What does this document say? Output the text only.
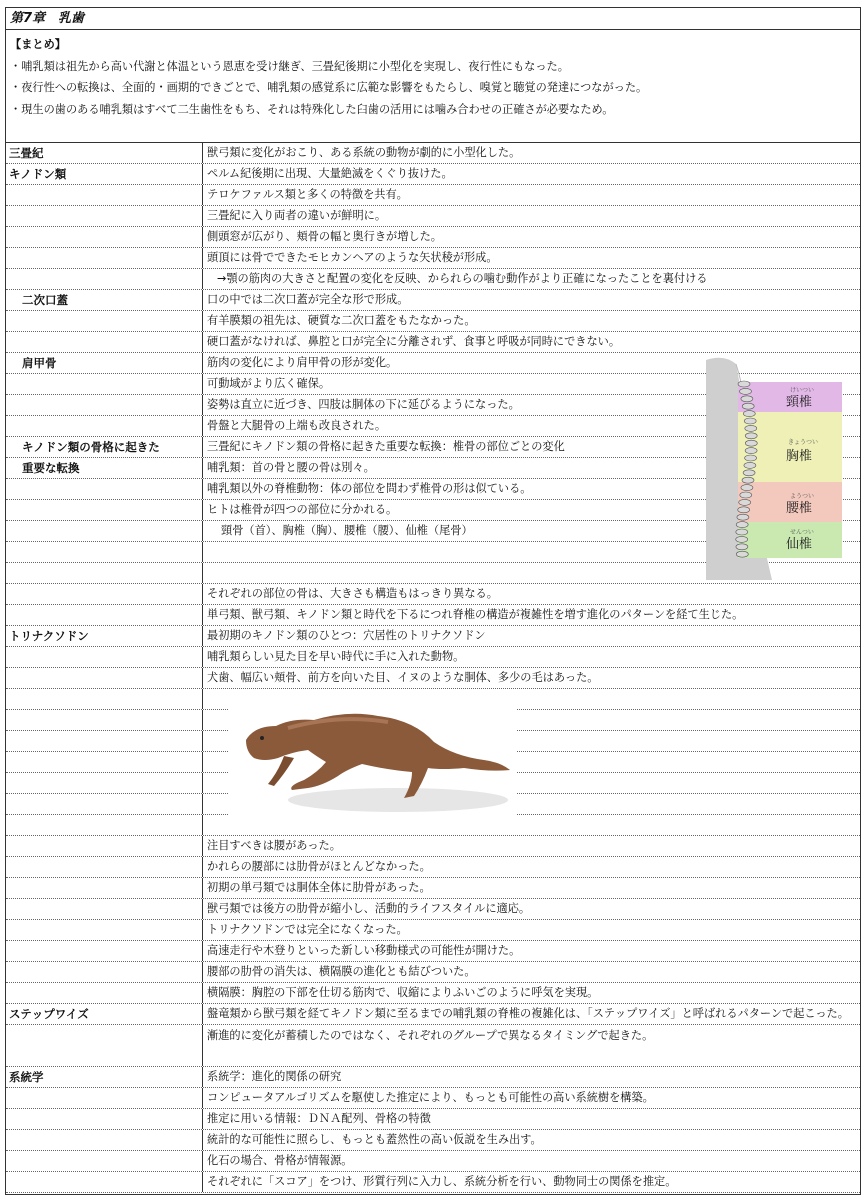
第7章　乳歯
【まとめ】
・哺乳類は祖先から高い代謝と体温という恩恵を受け継ぎ、三畳紀後期に小型化を実現し、夜行性にもなった。
・夜行性への転換は、全面的・画期的できごとで、哺乳類の感覚系に広範な影響をもたらし、嗅覚と聴覚の発達につながった。
・現生の歯のある哺乳類はすべて二生歯性をもち、それは特殊化した臼歯の活用には噛み合わせの正確さが必要なため。
三畳紀	獣弓類に変化がおこり、ある系統の動物が劇的に小型化した。
キノドン類	ペルム紀後期に出現、大量絶滅をくぐり抜けた。
テロケファルス類と多くの特徴を共有。
三畳紀に入り両者の違いが鮮明に。
側頭窓が広がり、頬骨の幅と奥行きが増した。
頭頂には骨でできたモヒカンヘアのような矢状稜が形成。
→顎の筋肉の大きさと配置の変化を反映、かられらの噛む動作がより正確になったことを裏付ける
二次口蓋	口の中では二次口蓋が完全な形で形成。
有羊膜類の祖先は、硬質な二次口蓋をもたなかった。
硬口蓋がなければ、鼻腔と口が完全に分離されず、食事と呼吸が同時にできない。
肩甲骨	筋肉の変化により肩甲骨の形が変化。
可動域がより広く確保。
姿勢は直立に近づき、四肢は胴体の下に延びるようになった。
骨盤と大腿骨の上端も改良された。
キノドン類の骨格に起きた	三畳紀にキノドン類の骨格に起きた重要な転換：椎骨の部位ごとの変化
重要な転換	哺乳類：首の骨と腰の骨は別々。
哺乳類以外の脊椎動物：体の部位を問わず椎骨の形は似ている。
ヒトは椎骨が四つの部位に分かれる。
頸骨（首）、胸椎（胸）、腰椎（腰）、仙椎（尾骨）
それぞれの部位の骨は、大きさも構造もはっきり異なる。
単弓類、獣弓類、キノドン類と時代を下るにつれ脊椎の構造が複雑性を増す進化のパターンを経て生じた。
トリナクソドン	最初期のキノドン類のひとつ：穴居性のトリナクソドン
哺乳類らしい見た目を早い時代に手に入れた動物。
犬歯、幅広い頬骨、前方を向いた目、イヌのような胴体、多少の毛はあった。
注目すべきは腰があった。
かれらの腰部には肋骨がほとんどなかった。
初期の単弓類では胴体全体に肋骨があった。
獣弓類では後方の肋骨が縮小し、活動的ライフスタイルに適応。
トリナクソドンでは完全になくなった。
高速走行や木登りといった新しい移動様式の可能性が開けた。
腰部の肋骨の消失は、横隔膜の進化とも結びついた。
横隔膜：胸腔の下部を仕切る筋肉で、収縮によりふいごのように呼気を実現。
ステップワイズ	盤竜類から獣弓類を経てキノドン類に至るまでの哺乳類の脊椎の複雑化は、「ステップワイズ」と呼ばれるパターンで起こった。
漸進的に変化が蓄積したのではなく、それぞれのグループで異なるタイミングで起きた。
系統学	系統学：進化的関係の研究
コンピュータアルゴリズムを駆使した推定により、もっとも可能性の高い系統樹を構築。
推定に用いる情報：ＤＮＡ配列、骨格の特徴
統計的な可能性に照らし、もっとも蓋然性の高い仮説を生み出す。
化石の場合、骨格が情報源。
それぞれに「スコア」をつけ、形質行列に入力し、系統分析を行い、動物同士の関係を推定。
けいつい
頸椎
きょうつい
胸椎
ようつい
腰椎
せんつい
仙椎
